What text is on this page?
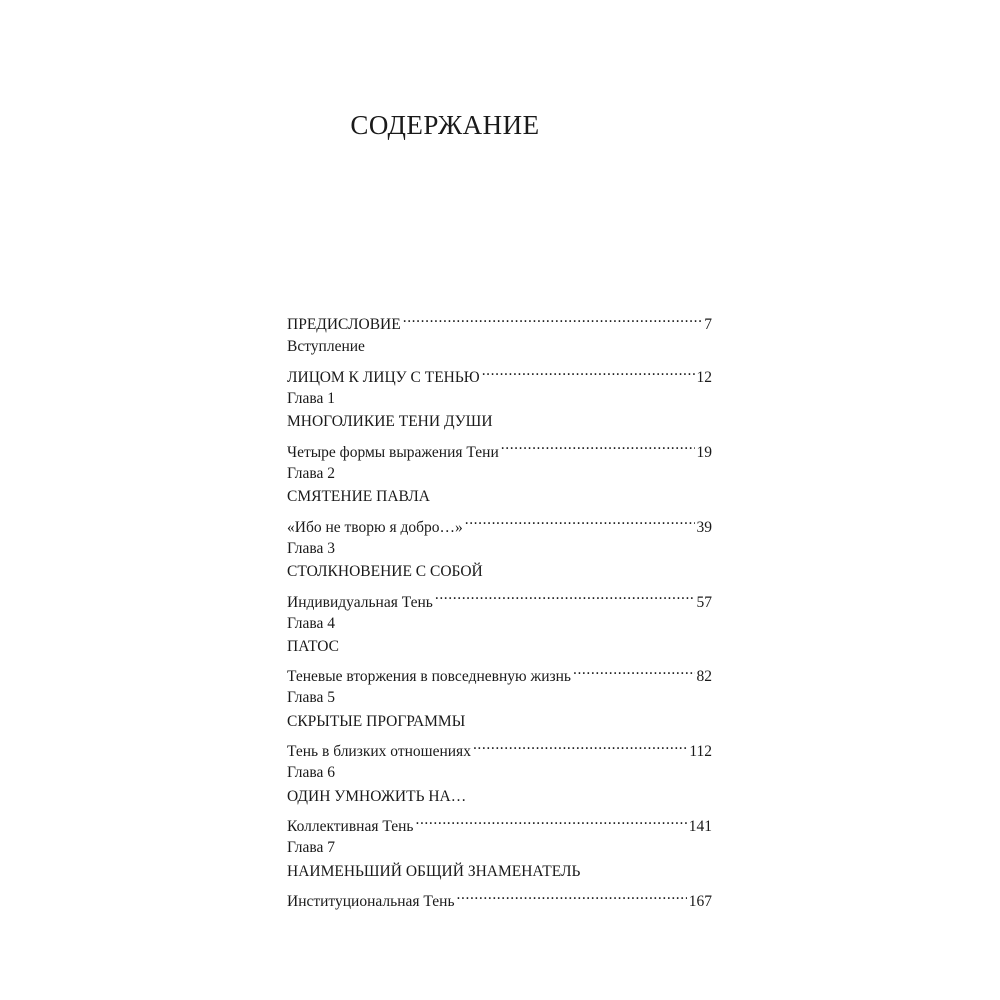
СОДЕРЖАНИЕ
ПРЕДИСЛОВИЕ .....	7
Вступление
ЛИЦОМ К ЛИЦУ С ТЕНЬЮ .....	12
Глава 1
МНОГОЛИКИЕ ТЕНИ ДУШИ
Четыре формы выражения Тени .....	19
Глава 2
СМЯТЕНИЕ ПАВЛА
«Ибо не творю я добро…» .....	39
Глава 3
СТОЛКНОВЕНИЕ С СОБОЙ
Индивидуальная Тень .....	57
Глава 4
ПАТОС
Теневые вторжения в повседневную жизнь .....	82
Глава 5
СКРЫТЫЕ ПРОГРАММЫ
Тень в близких отношениях .....	112
Глава 6
ОДИН УМНОЖИТЬ НА…
Коллективная Тень .....	141
Глава 7
НАИМЕНЬШИЙ ОБЩИЙ ЗНАМЕНАТЕЛЬ
Институциональная Тень .....	167
